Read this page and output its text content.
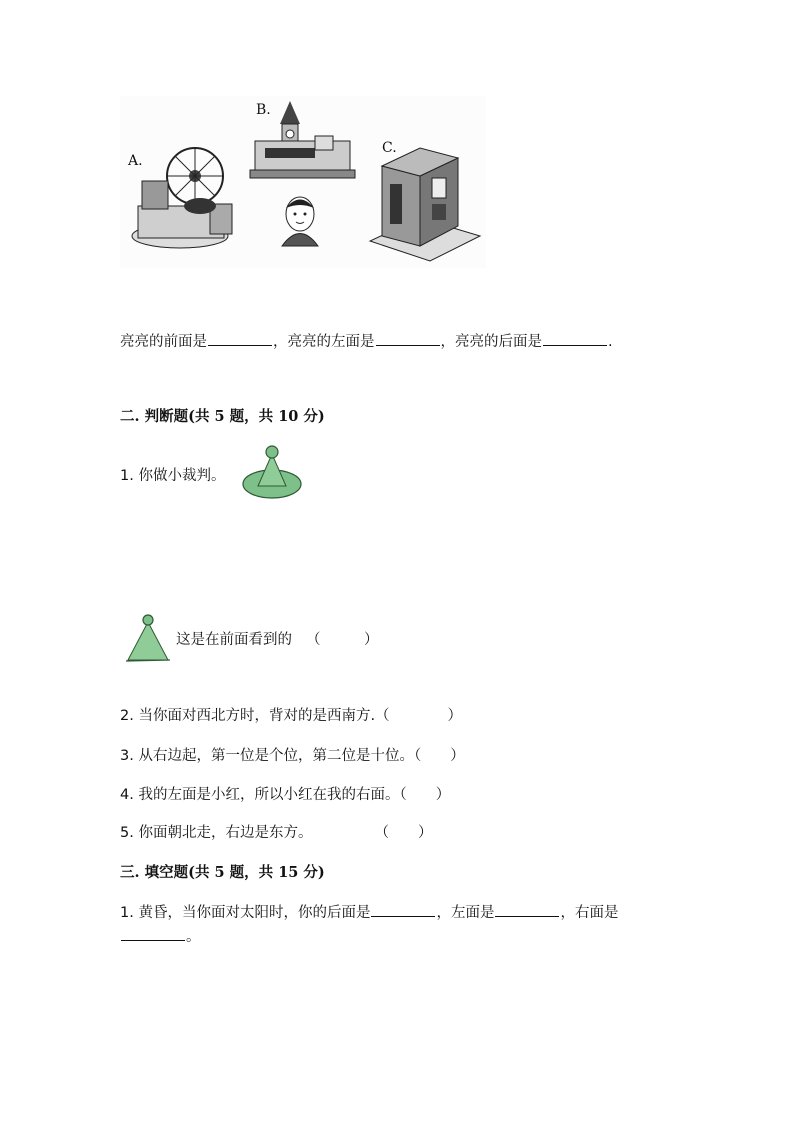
A.
B.
C.
亮亮的前面是	，亮亮的左面是	，亮亮的后面是	.
二. 判断题(共 5 题，共 10 分)
1. 你做小裁判。
这是在前面看到的 （　　　）
2. 当你面对西北方时，背对的是西南方.（　　　　）
3. 从右边起，第一位是个位，第二位是十位。（　　）
4. 我的左面是小红，所以小红在我的右面。（　　）
5. 你面朝北走，右边是东方。	（　　）
三. 填空题(共 5 题，共 15 分)
1. 黄昏，当你面对太阳时，你的后面是	，左面是	，右面是
。
